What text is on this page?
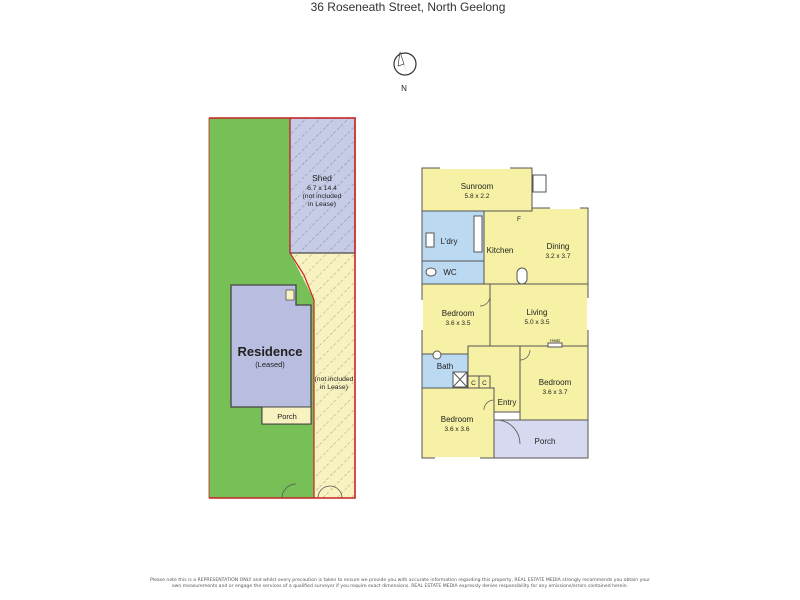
36 Roseneath Street, North Geelong
N
Shed
6.7 x 14.4
(not included
in Lease)
Residence
(Leased)
Porch
(not included
in Lease)
Sunroom
5.8 x 2.2
L'dry
Kitchen
F
Dining
3.2 x 3.7
WC
Bedroom
3.6 x 3.5
Living
5.0 x 3.5
Heat
Bath
C C	Bedroom
3.6 x 3.7
Entry
Bedroom
3.6 x 3.6
Porch

Please note this is a REPRESENTATION ONLY and whilst every precaution is taken to ensure we provide you with accurate information regarding this property, REAL ESTATE MEDIA strongly recommends you obtain your own measurements and or engage the services of a qualified surveyor if you require exact dimensions. REAL ESTATE MEDIA expressly denies responsibility for any omissions/errors contained herein.
